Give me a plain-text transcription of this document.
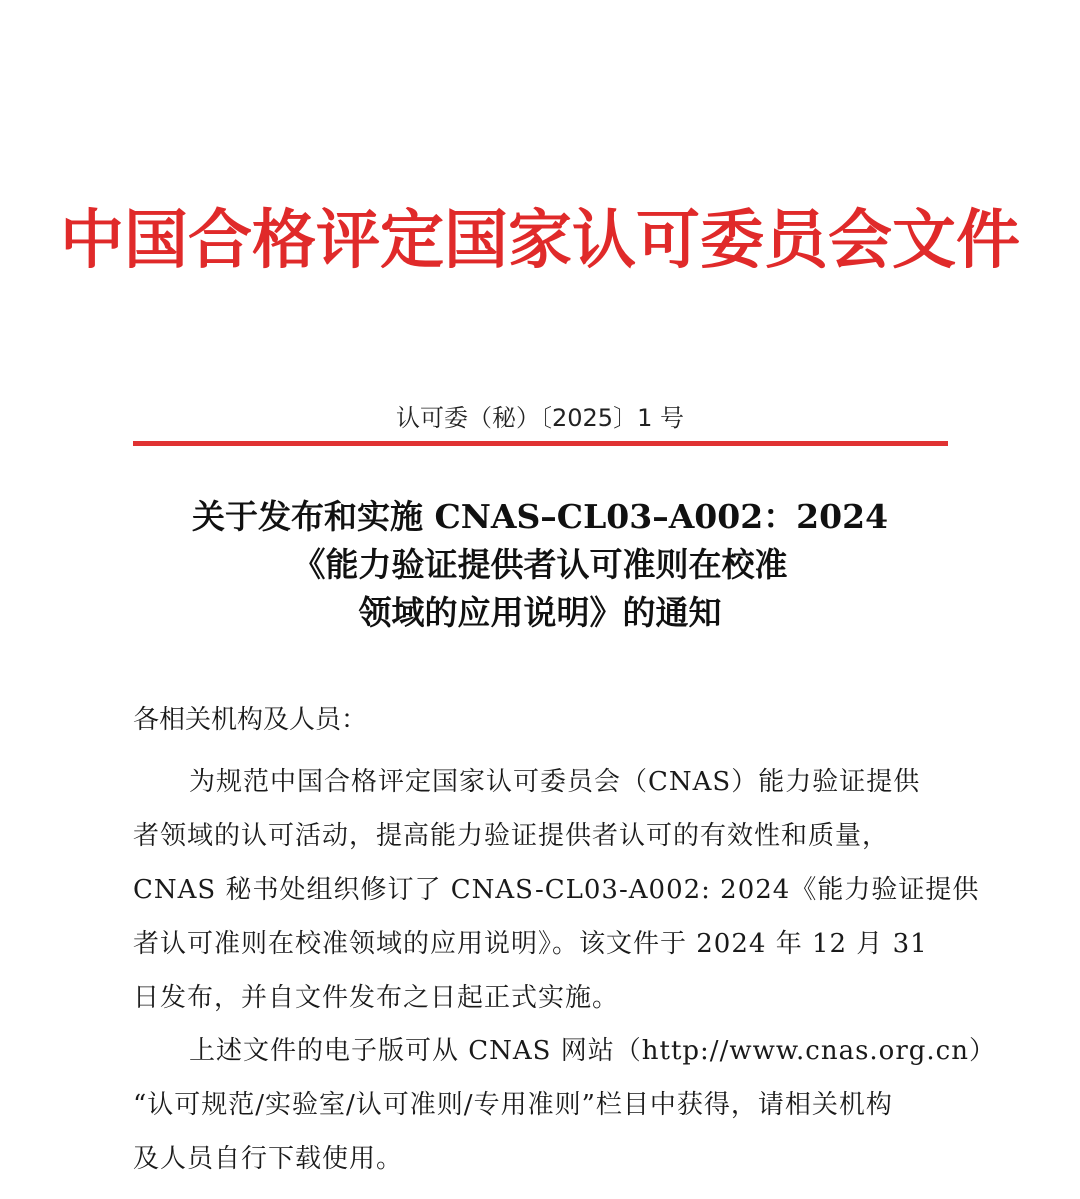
中国合格评定国家认可委员会文件
认可委（秘）〔2025〕1 号
关于发布和实施 CNAS–CL03–A002：2024
《能力验证提供者认可准则在校准
领域的应用说明》的通知
各相关机构及人员：
为规范中国合格评定国家认可委员会（CNAS）能力验证提供
者领域的认可活动，提高能力验证提供者认可的有效性和质量，
CNAS 秘书处组织修订了 CNAS-CL03-A002: 2024《能力验证提供
者认可准则在校准领域的应用说明》。该文件于 2024 年 12 月 31
日发布，并自文件发布之日起正式实施。
上述文件的电子版可从 CNAS 网站（http://www.cnas.org.cn）
“认可规范/实验室/认可准则/专用准则”栏目中获得，请相关机构
及人员自行下载使用。
